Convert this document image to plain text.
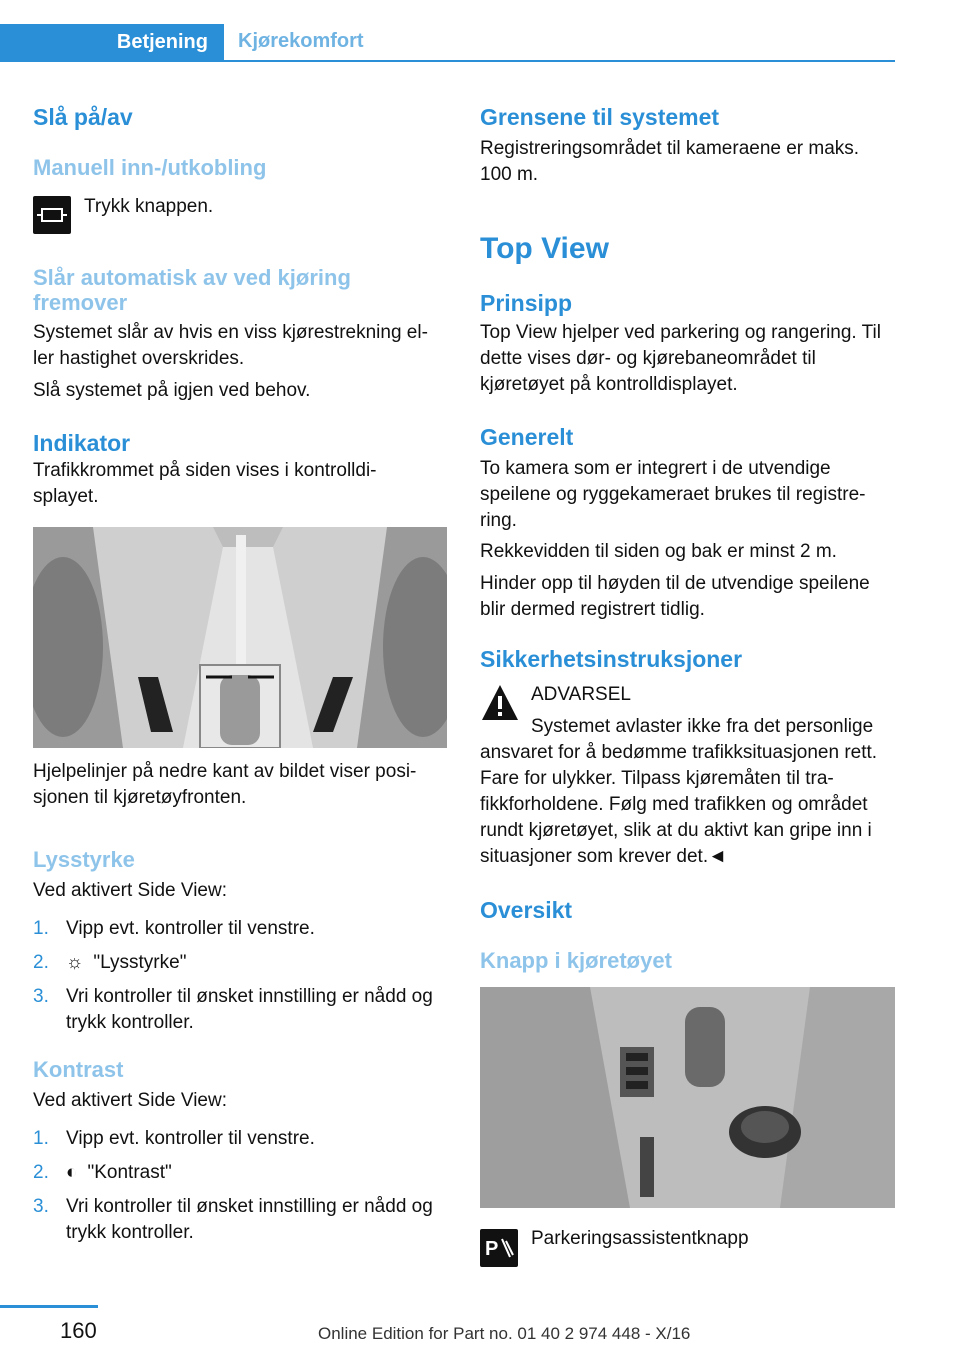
Betjening Kjørekomfort
Slå på/av
Manuell inn-/utkobling

Trykk knappen.

Slår automatisk av ved kjøring fremover

Systemet slår av hvis en viss kjørestrekning el-ler hastighet overskrides.

Slå systemet på igjen ved behov.

Indikator

Trafikkrommet på siden vises i kontrolldi-splayet.

Hjelpelinjer på nedre kant av bildet viser posi-sjonen til kjøretøyfronten.

Lysstyrke

Ved aktivert Side View:

1. Vipp evt. kontroller til venstre.
2. ☼ "Lysstyrke"
3. Vri kontroller til ønsket innstilling er nådd og trykk kontroller.
Kontrast

Ved aktivert Side View:

1. Vipp evt. kontroller til venstre.
2. ◐ "Kontrast"
3. Vri kontroller til ønsket innstilling er nådd og trykk kontroller.
Grensene til systemet

Registreringsområdet til kameraene er maks. 100 m.

Top View
Prinsipp

Top View hjelper ved parkering og rangering. Til dette vises dør- og kjørebaneområdet til kjøretøyet på kontrolldisplayet.

Generelt

To kamera som er integrert i de utvendige speilene og ryggekameraet brukes til registre-ring.

Rekkevidden til siden og bak er minst 2 m.

Hinder opp til høyden til de utvendige speilene blir dermed registrert tidlig.

Sikkerhetsinstruksjoner

ADVARSEL

Systemet avlaster ikke fra det personlige

ansvaret for å bedømme trafikksituasjonen rett. Fare for ulykker. Tilpass kjøremåten til tra-fikkforholdene. Følg med trafikken og området rundt kjøretøyet, slik at du aktivt kan gripe inn i situasjoner som krever det.◄

Oversikt
Knapp i kjøretøyet
P Parkeringsassistentknapp

160	Online Edition for Part no. 01 40 2 974 448 - X/16
